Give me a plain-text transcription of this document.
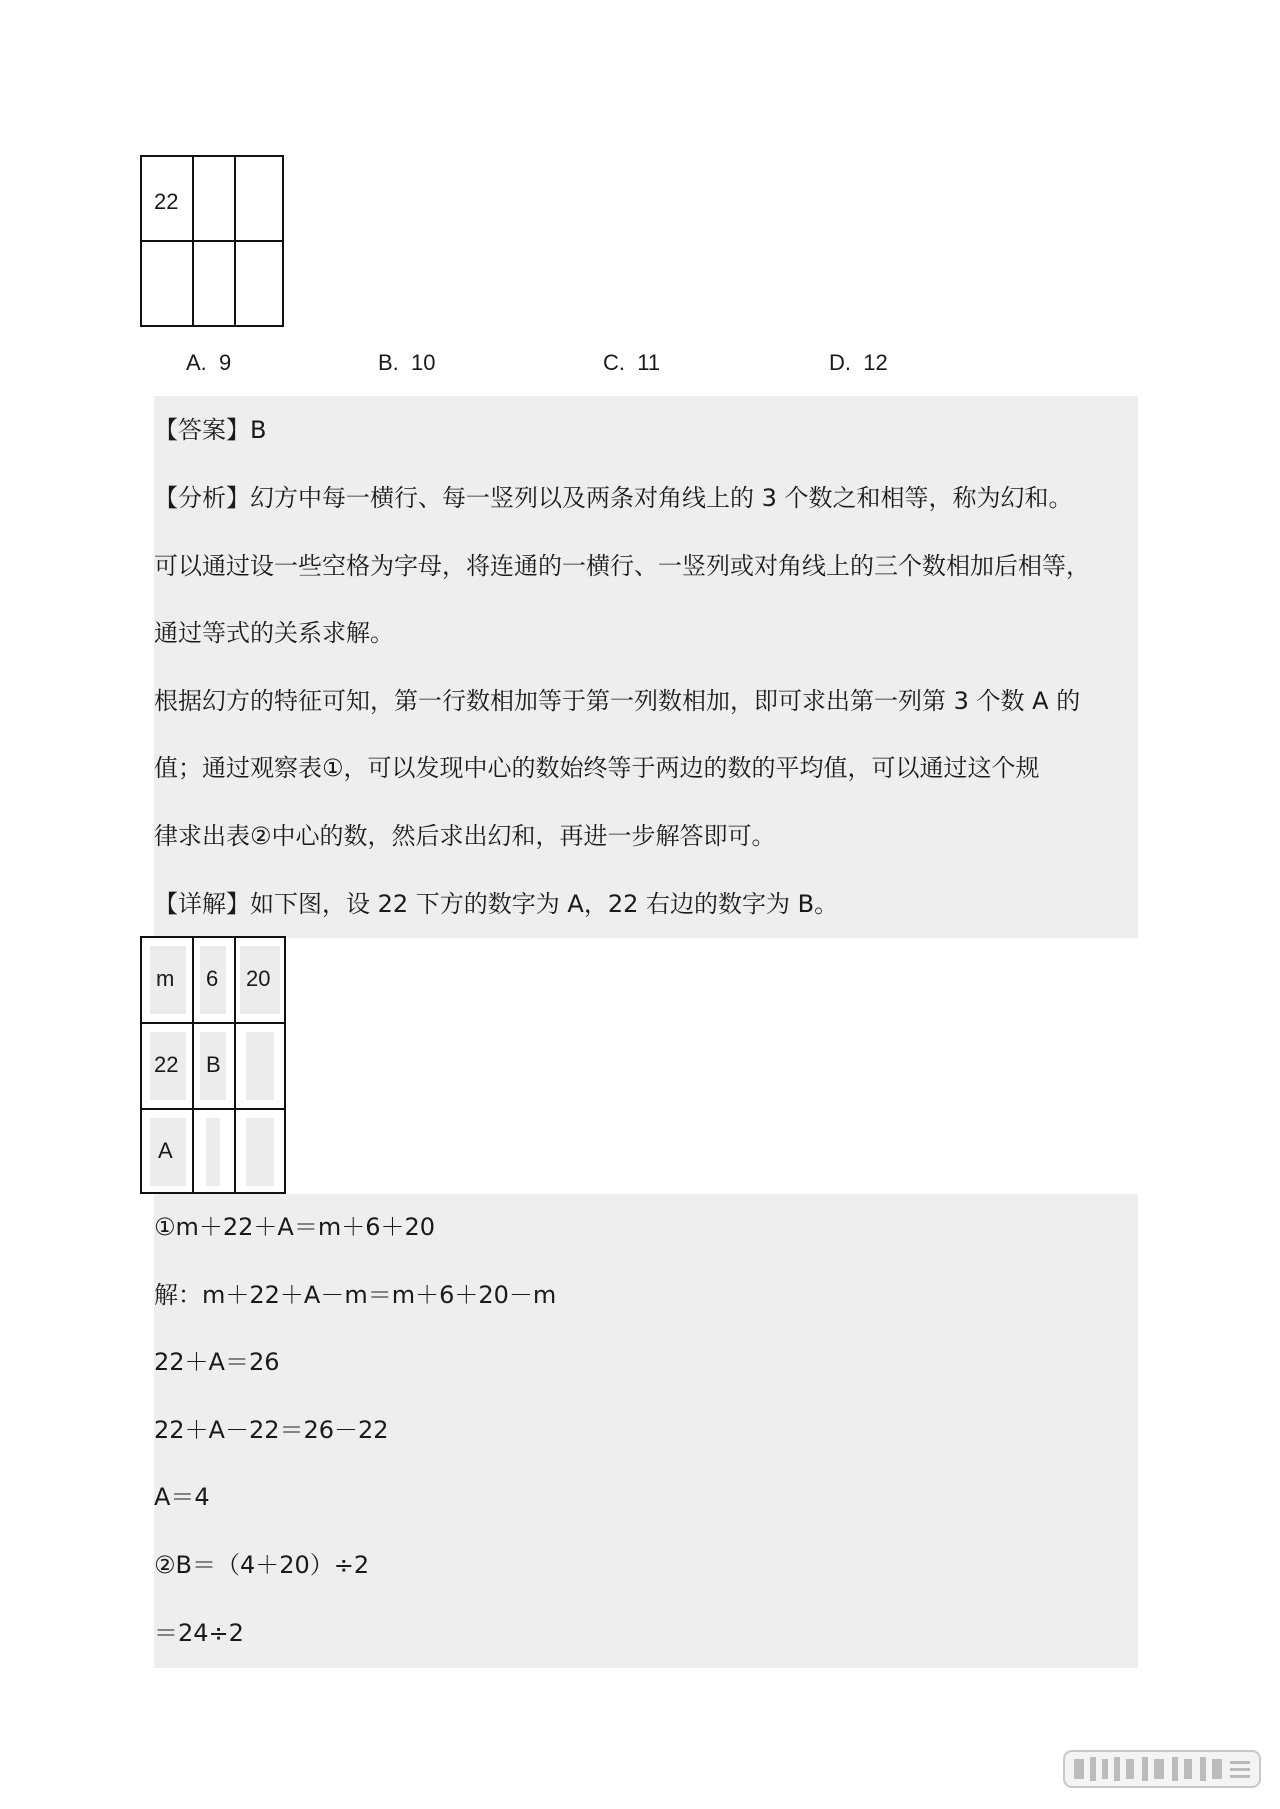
22
A. 9	B. 10	C. 11	D. 12
【答案】B
【分析】幻方中每一横行、每一竖列以及两条对角线上的 3 个数之和相等，称为幻和。
可以通过设一些空格为字母，将连通的一横行、一竖列或对角线上的三个数相加后相等，
通过等式的关系求解。
根据幻方的特征可知，第一行数相加等于第一列数相加，即可求出第一列第 3 个数 A 的
值；通过观察表①，可以发现中心的数始终等于两边的数的平均值，可以通过这个规
律求出表②中心的数，然后求出幻和，再进一步解答即可。
【详解】如下图，设 22 下方的数字为 A，22 右边的数字为 B。
m 6 20
22 B
A
①m＋22＋A＝m＋6＋20
解：m＋22＋A－m＝m＋6＋20－m
22＋A＝26
22＋A－22＝26－22
A＝4
②B＝（4＋20）÷2
＝24÷2
